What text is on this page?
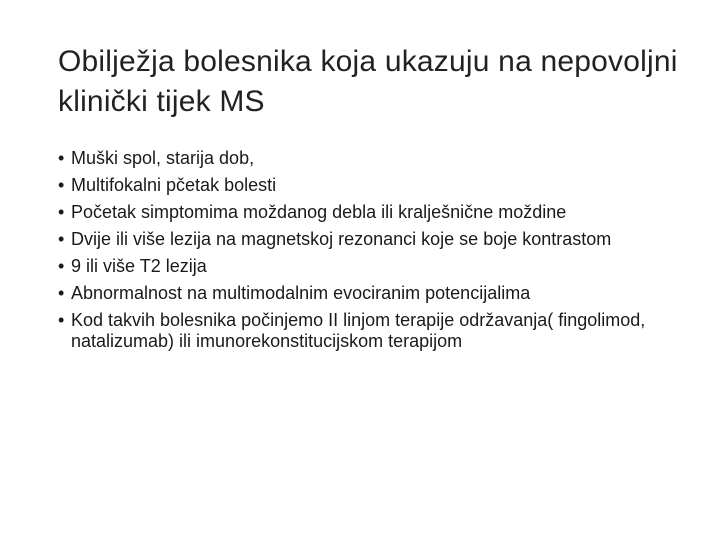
Obilježja bolesnika koja ukazuju na nepovoljni klinički tijek MS
• Muški spol, starija dob,
• Multifokalni pčetak bolesti
• Početak simptomima moždanog debla ili kralješnične moždine
• Dvije ili više lezija na magnetskoj rezonanci koje se boje kontrastom
• 9 ili više T2 lezija
• Abnormalnost na multimodalnim evociranim potencijalima
• Kod takvih bolesnika počinjemo II linjom terapije održavanja( fingolimod, natalizumab) ili imunorekonstitucijskom terapijom
